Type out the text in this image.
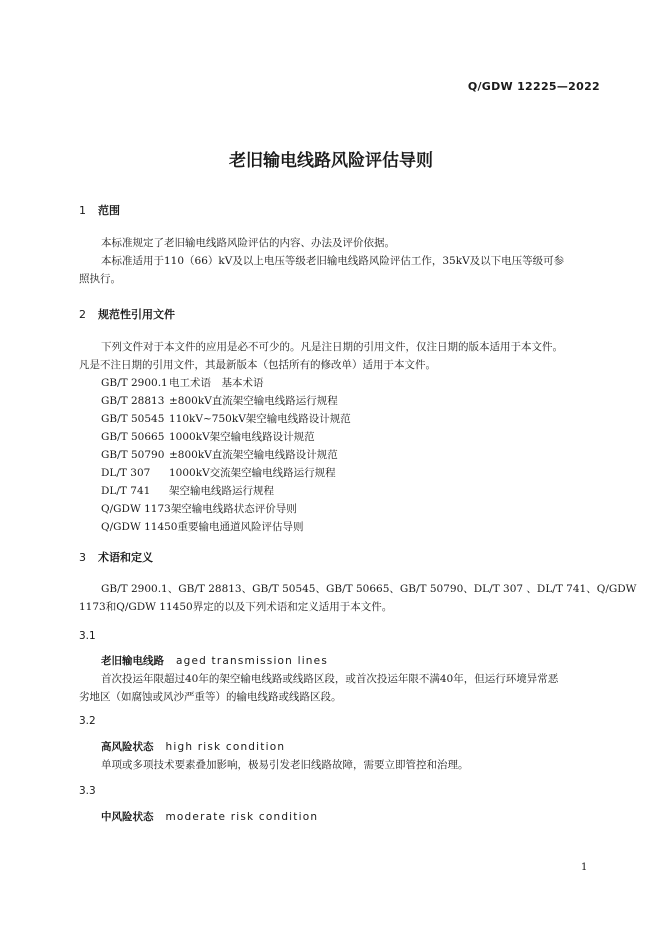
Q/GDW 12225—2022
老旧输电线路风险评估导则
1 范围
本标准规定了老旧输电线路风险评估的内容、办法及评价依据。
本标准适用于110（66）kV及以上电压等级老旧输电线路风险评估工作，35kV及以下电压等级可参
照执行。
2 规范性引用文件
下列文件对于本文件的应用是必不可少的。凡是注日期的引用文件，仅注日期的版本适用于本文件。
凡是不注日期的引用文件，其最新版本（包括所有的修改单）适用于本文件。
GB/T 2900.1电工术语　基本术语
GB/T 28813 ±800kV直流架空输电线路运行规程
GB/T 50545 110kV~750kV架空输电线路设计规范
GB/T 50665 1000kV架空输电线路设计规范
GB/T 50790 ±800kV直流架空输电线路设计规范
DL/T 307 1000kV交流架空输电线路运行规程
DL/T 741 架空输电线路运行规程
Q/GDW 1173架空输电线路状态评价导则
Q/GDW 11450重要输电通道风险评估导则
3 术语和定义
GB/T 2900.1、GB/T 28813、GB/T 50545、GB/T 50665、GB/T 50790、DL/T 307 、DL/T 741、Q/GDW
1173和Q/GDW 11450界定的以及下列术语和定义适用于本文件。
3.1
老旧输电线路 aged transmission lines
首次投运年限超过40年的架空输电线路或线路区段，或首次投运年限不满40年，但运行环境异常恶
劣地区（如腐蚀或风沙严重等）的输电线路或线路区段。
3.2
高风险状态 high risk condition
单项或多项技术要素叠加影响，极易引发老旧线路故障，需要立即管控和治理。
3.3
中风险状态 moderate risk condition
1
